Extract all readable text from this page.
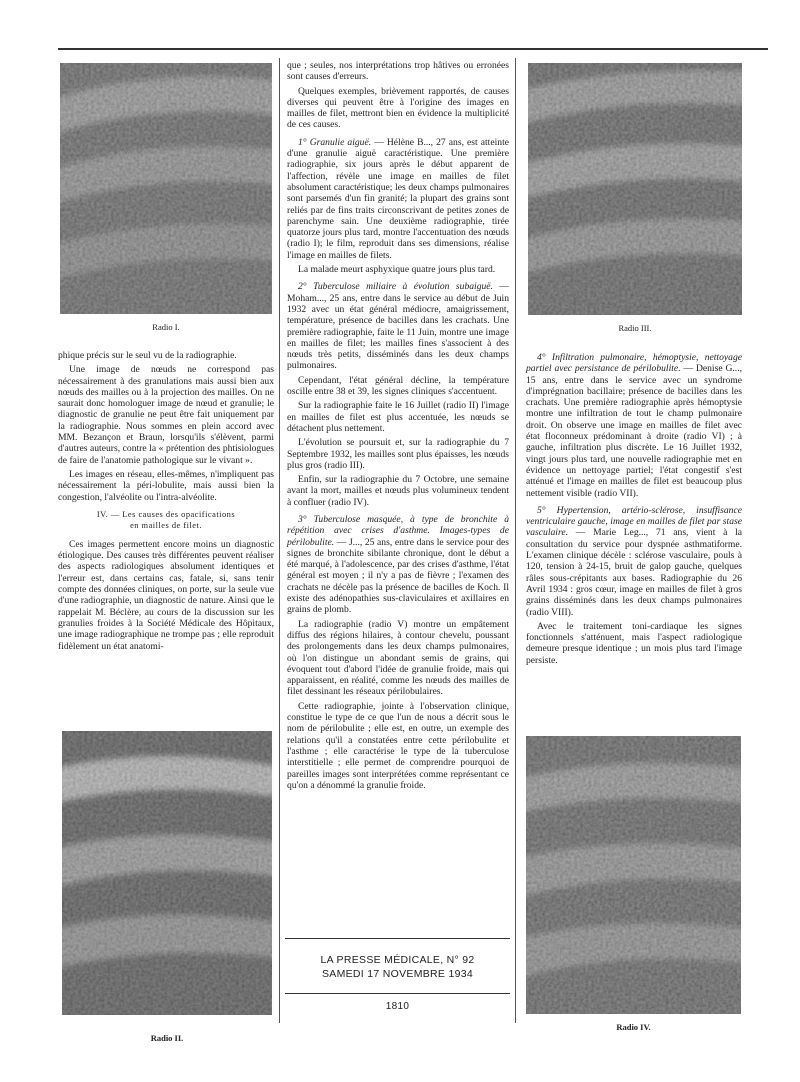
Radio I.
Radio II.
Radio III.
Radio IV.

phique précis sur le seul vu de la radiographie.

Une image de nœuds ne correspond pas nécessairement à des granulations mais aussi bien aux nœuds des mailles ou à la projection des mailles. On ne saurait donc homologuer image de nœud et granulie; le diagnostic de granulie ne peut être fait uniquement par la radiographie. Nous sommes en plein accord avec MM. Bezançon et Braun, lorsqu'ils s'élèvent, parmi d'autres auteurs, contre la « prétention des phtisiologues de faire de l'anatomie pathologique sur le vivant ».

Les images en réseau, elles-mêmes, n'impliquent pas nécessairement la péri-lobulite, mais aussi bien la congestion, l'alvéolite ou l'intra-alvéolite.

IV. — Les causes des opacifications
en mailles de filet.

Ces images permettent encore moins un diagnostic étiologique. Des causes très différentes peuvent réaliser des aspects radiologiques absolument identiques et l'erreur est, dans certains cas, fatale, si, sans tenir compte des données cliniques, on porte, sur la seule vue d'une radiographie, un diagnostic de nature. Ainsi que le rappelait M. Béclère, au cours de la discussion sur les granulies froides à la Société Médicale des Hôpitaux, une image radiographique ne trompe pas ; elle reproduit fidèlement un état anatomi-

que ; seules, nos interprétations trop hâtives ou erronées sont causes d'erreurs.

Quelques exemples, brièvement rapportés, de causes diverses qui peuvent être à l'origine des images en mailles de filet, mettront bien en évidence la multiplicité de ces causes.

1° Granulie aiguë. — Hélène B..., 27 ans, est atteinte d'une granulie aiguë caractéristique. Une première radiographie, six jours après le début apparent de l'affection, révèle une image en mailles de filet absolument caractéristique; les deux champs pulmonaires sont parsemés d'un fin granité; la plupart des grains sont reliés par de fins traits circonscrivant de petites zones de parenchyme sain. Une deuxième radiographie, tirée quatorze jours plus tard, montre l'accentuation des nœuds (radio I); le film, reproduit dans ses dimensions, réalise l'image en mailles de filets.

La malade meurt asphyxique quatre jours plus tard.

2° Tuberculose miliaire à évolution subaiguë. — Moham..., 25 ans, entre dans le service au début de Juin 1932 avec un état général médiocre, amaigrissement, température, présence de bacilles dans les crachats. Une première radiographie, faite le 11 Juin, montre une image en mailles de filet; les mailles fines s'associent à des nœuds très petits, disséminés dans les deux champs pulmonaires.

Cependant, l'état général décline, la température oscille entre 38 et 39, les signes cliniques s'accentuent.

Sur la radiographie faite le 16 Juillet (radio II) l'image en mailles de filet est plus accentuée, les nœuds se détachent plus nettement.

L'évolution se poursuit et, sur la radiographie du 7 Septembre 1932, les mailles sont plus épaisses, les nœuds plus gros (radio III).

Enfin, sur la radiographie du 7 Octobre, une semaine avant la mort, mailles et nœuds plus volumineux tendent à confluer (radio IV).

3° Tuberculose masquée, à type de bronchite à répétition avec crises d'asthme. Images-types de périlobulite. — J..., 25 ans, entre dans le service pour des signes de bronchite sibilante chronique, dont le début a été marqué, à l'adolescence, par des crises d'asthme, l'état général est moyen ; il n'y a pas de fièvre ; l'examen des crachats ne décèle pas la présence de bacilles de Koch. Il existe des adénopathies sus-claviculaires et axillaires en grains de plomb.

La radiographie (radio V) montre un empâtement diffus des régions hilaires, à contour chevelu, poussant des prolongements dans les deux champs pulmonaires, où l'on distingue un abondant semis de grains, qui évoquent tout d'abord l'idée de granulie froide, mais qui apparaissent, en réalité, comme les nœuds des mailles de filet dessinant les réseaux périlobulaires.

Cette radiographie, jointe à l'observation clinique, constitue le type de ce que l'un de nous a décrit sous le nom de périlobulite ; elle est, en outre, un exemple des relations qu'il a constatées entre cette périlobulite et l'asthme ; elle caractérise le type de la tuberculose interstitielle ; elle permet de comprendre pourquoi de pareilles images sont interprétées comme représentant ce qu'on a dénommé la granulie froide.

4° Infiltration pulmonaire, hémoptysie, nettoyage partiel avec persistance de périlobulite. — Denise G..., 15 ans, entre dans le service avec un syndrome d'imprégnation bacillaire; présence de bacilles dans les crachats. Une première radiographie après hémoptysie montre une infiltration de tout le champ pulmonaire droit. On observe une image en mailles de filet avec état floconneux prédominant à droite (radio VI) ; à gauche, infiltration plus discrète. Le 16 Juillet 1932, vingt jours plus tard, une nouvelle radiographie met en évidence un nettoyage partiel; l'état congestif s'est atténué et l'image en mailles de filet est beaucoup plus nettement visible (radio VII).

5° Hypertension, artério-sclérose, insuffisance ventriculaire gauche, image en mailles de filet par stase vasculaire. — Marie Leg..., 71 ans, vient à la consultation du service pour dyspnée asthmatiforme. L'examen clinique décèle : sclérose vasculaire, pouls à 120, tension à 24-15, bruit de galop gauche, quelques râles sous-crépitants aux bases. Radiographie du 26 Avril 1934 : gros cœur, image en mailles de filet à gros grains disséminés dans les deux champs pulmonaires (radio VIII).

Avec le traitement toni-cardiaque les signes fonctionnels s'atténuent, mais l'aspect radiologique demeure presque identique ; un mois plus tard l'image persiste.

LA PRESSE MÉDICALE, N° 92
SAMEDI 17 NOVEMBRE 1934
1810
